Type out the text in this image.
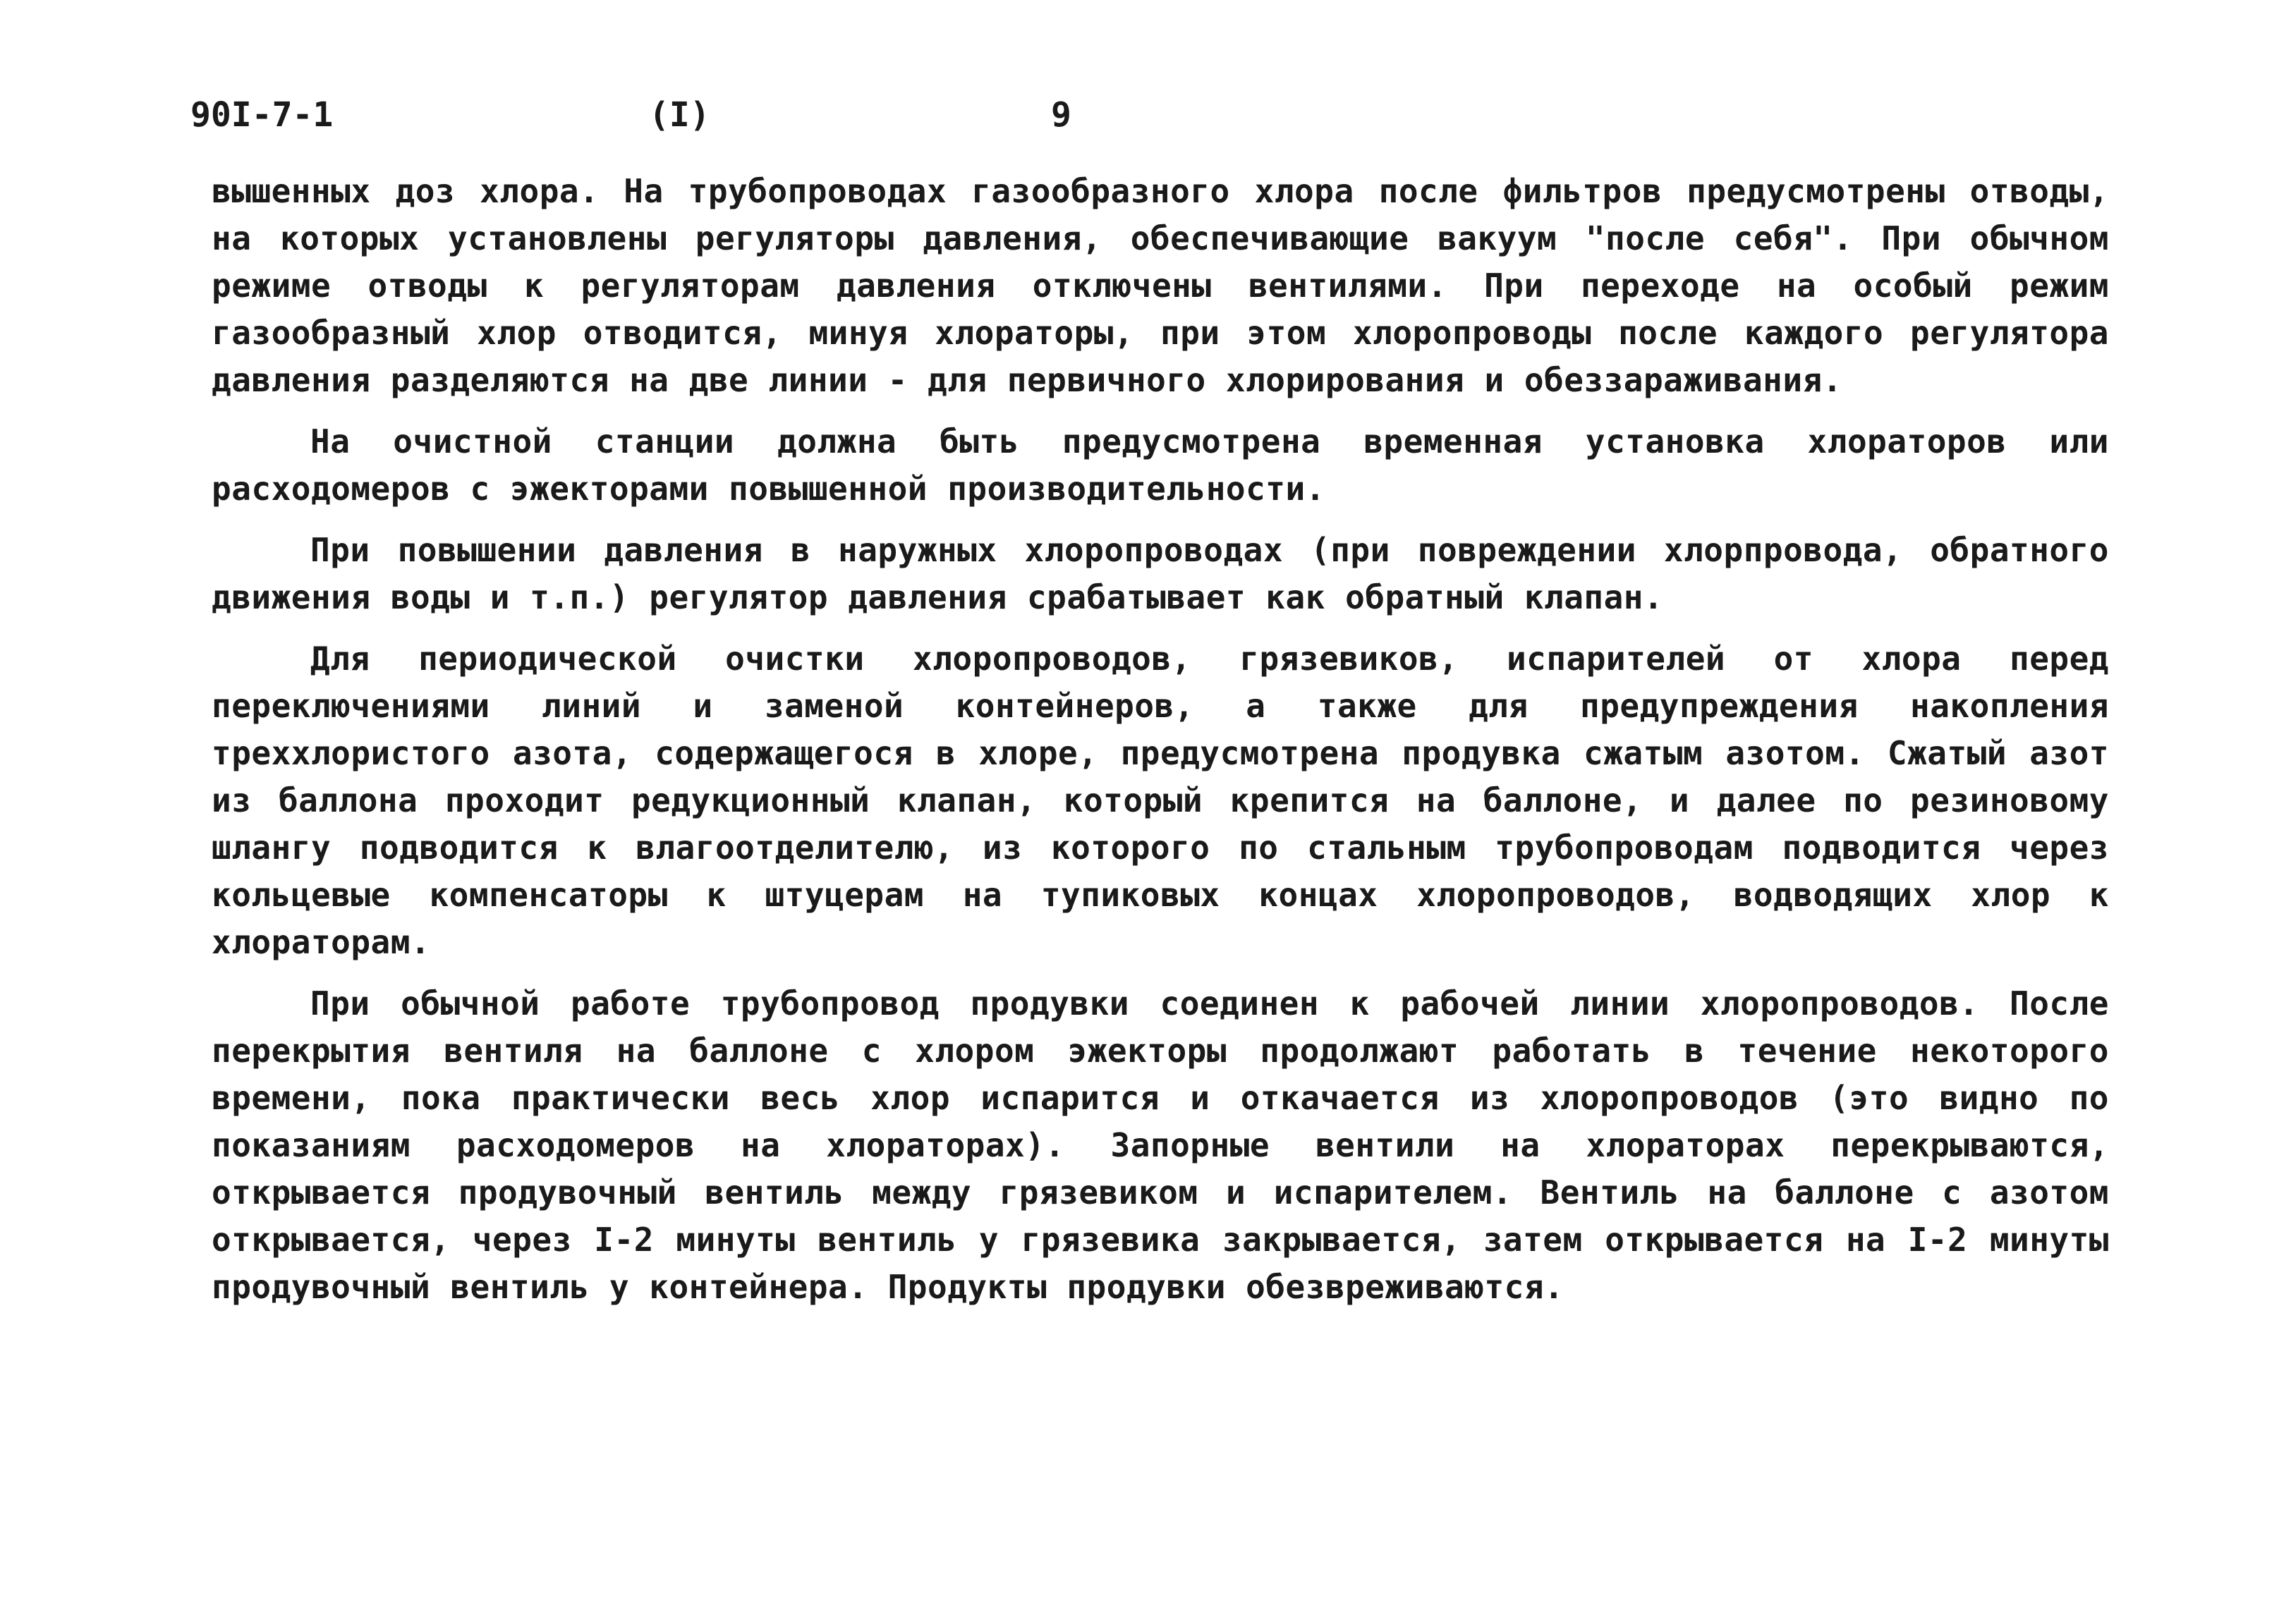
90I-7-1	(I)	9

вышенных доз хлора. На трубопроводах газообразного хлора после фильтров предусмотрены отводы, на которых установлены регуляторы давления, обеспечивающие вакуум "после себя". При обычном режиме отводы к регуляторам давления отключены вентилями. При переходе на особый режим газообразный хлор отводится, минуя хлораторы, при этом хлоропроводы после каждого регулятора давления разделяются на две линии - для первичного хлорирования и обеззараживания.

На очистной станции должна быть предусмотрена временная установка хлораторов или расходомеров с эжекторами повышенной производительности.

При повышении давления в наружных хлоропроводах (при повреждении хлорпровода, обратного движения воды и т.п.) регулятор давления срабатывает как обратный клапан.

Для периодической очистки хлоропроводов, грязевиков, испарителей от хлора перед переключениями линий и заменой контейнеров, а также для предупреждения накопления треххлористого азота, содержащегося в хлоре, предусмотрена продувка сжатым азотом. Сжатый азот из баллона проходит редукционный клапан, который крепится на баллоне, и далее по резиновому шлангу подводится к влагоотделителю, из которого по стальным трубопроводам подводится через кольцевые компенсаторы к штуцерам на тупиковых концах хлоропроводов, водводящих хлор к хлораторам.

При обычной работе трубопровод продувки соединен к рабочей линии хлоропроводов. После перекрытия вентиля на баллоне с хлором эжекторы продолжают работать в течение некоторого времени, пока практически весь хлор испарится и откачается из хлоропроводов (это видно по показаниям расходомеров на хлораторах). Запорные вентили на хлораторах перекрываются, открывается продувочный вентиль между грязевиком и испарителем. Вентиль на баллоне с азотом открывается, через I-2 минуты вентиль у грязевика закрывается, затем открывается на I-2 минуты продувочный вентиль у контейнера. Продукты продувки обезвреживаются.
